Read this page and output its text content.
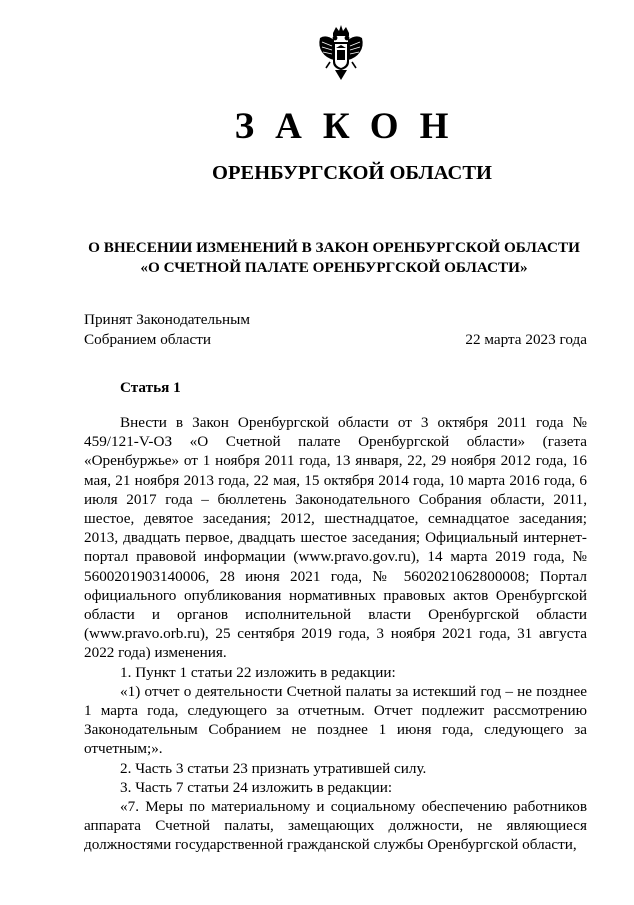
ЗАКОН
ОРЕНБУРГСКОЙ ОБЛАСТИ
О ВНЕСЕНИИ ИЗМЕНЕНИЙ В ЗАКОН ОРЕНБУРГСКОЙ ОБЛАСТИ
«О СЧЕТНОЙ ПАЛАТЕ ОРЕНБУРГСКОЙ ОБЛАСТИ»
Принят Законодательным
Собранием области	22 марта 2023 года
Статья 1

Внести в Закон Оренбургской области от 3 октября 2011 года № 459/121-V-ОЗ «О Счетной палате Оренбургской области» (газета «Оренбуржье» от 1 ноября 2011 года, 13 января, 22, 29 ноября 2012 года, 16 мая, 21 ноября 2013 года, 22 мая, 15 октября 2014 года, 10 марта 2016 года, 6 июля 2017 года – бюллетень Законодательного Собрания области, 2011, шестое, девятое заседания; 2012, шестнадцатое, семнадцатое заседания; 2013, двадцать первое, двадцать шестое заседания; Официальный интернет-портал правовой информации (www.pravo.gov.ru), 14 марта 2019 года, № 5600201903140006, 28 июня 2021 года, № 5602021062800008; Портал официального опубликования нормативных правовых актов Оренбургской области и органов исполнительной власти Оренбургской области (www.pravo.orb.ru), 25 сентября 2019 года, 3 ноября 2021 года, 31 августа 2022 года) изменения.

1. Пункт 1 статьи 22 изложить в редакции:

«1) отчет о деятельности Счетной палаты за истекший год – не позднее 1 марта года, следующего за отчетным. Отчет подлежит рассмотрению Законодательным Собранием не позднее 1 июня года, следующего за отчетным;».

2. Часть 3 статьи 23 признать утратившей силу.

3. Часть 7 статьи 24 изложить в редакции:

«7. Меры по материальному и социальному обеспечению работников аппарата Счетной палаты, замещающих должности, не являющиеся должностями государственной гражданской службы Оренбургской области,
